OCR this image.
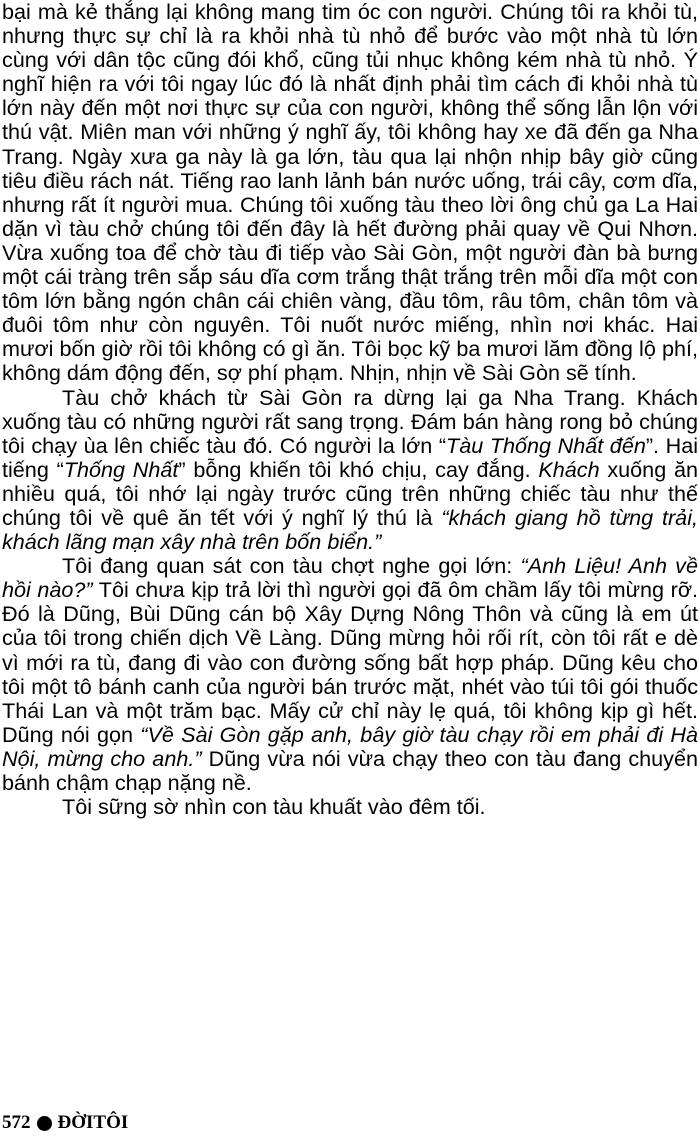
bại mà kẻ thắng lại không mang tim óc con người. Chúng tôi ra khỏi tù, nhưng thực sự chỉ là ra khỏi nhà tù nhỏ để bước vào một nhà tù lớn cùng với dân tộc cũng đói khổ, cũng tủi nhục không kém nhà tù nhỏ. Ý nghĩ hiện ra với tôi ngay lúc đó là nhất định phải tìm cách đi khỏi nhà tù lớn này đến một nơi thực sự của con người, không thể sống lẫn lộn với thú vật. Miên man với những ý nghĩ ấy, tôi không hay xe đã đến ga Nha Trang. Ngày xưa ga này là ga lớn, tàu qua lại nhộn nhịp bây giờ cũng tiêu điều rách nát. Tiếng rao lanh lảnh bán nước uống, trái cây, cơm dĩa, nhưng rất ít người mua. Chúng tôi xuống tàu theo lời ông chủ ga La Hai dặn vì tàu chở chúng tôi đến đây là hết đường phải quay về Qui Nhơn. Vừa xuống toa để chờ tàu đi tiếp vào Sài Gòn, một người đàn bà bưng một cái tràng trên sắp sáu dĩa cơm trắng thật trắng trên mỗi dĩa một con tôm lớn bằng ngón chân cái chiên vàng, đầu tôm, râu tôm, chân tôm và đuôi tôm như còn nguyên. Tôi nuốt nước miếng, nhìn nơi khác. Hai mươi bốn giờ rồi tôi không có gì ăn. Tôi bọc kỹ ba mươi lăm đồng lộ phí, không dám động đến, sợ phí phạm. Nhịn, nhịn về Sài Gòn sẽ tính.

Tàu chở khách từ Sài Gòn ra dừng lại ga Nha Trang. Khách xuống tàu có những người rất sang trọng. Đám bán hàng rong bỏ chúng tôi chạy ùa lên chiếc tàu đó. Có người la lớn “Tàu Thống Nhất đến”. Hai tiếng “Thống Nhất” bỗng khiến tôi khó chịu, cay đắng. Khách xuống ăn nhiều quá, tôi nhớ lại ngày trước cũng trên những chiếc tàu như thế chúng tôi về quê ăn tết với ý nghĩ lý thú là “khách giang hồ từng trải, khách lãng mạn xây nhà trên bốn biển.”

Tôi đang quan sát con tàu chợt nghe gọi lớn: “Anh Liệu! Anh về hồi nào?” Tôi chưa kịp trả lời thì người gọi đã ôm chầm lấy tôi mừng rỡ. Đó là Dũng, Bùi Dũng cán bộ Xây Dựng Nông Thôn và cũng là em út của tôi trong chiến dịch Về Làng. Dũng mừng hỏi rối rít, còn tôi rất e dè vì mới ra tù, đang đi vào con đường sống bất hợp pháp. Dũng kêu cho tôi một tô bánh canh của người bán trước mặt, nhét vào túi tôi gói thuốc Thái Lan và một trăm bạc. Mấy cử chỉ này lẹ quá, tôi không kịp gì hết. Dũng nói gọn “Về Sài Gòn gặp anh, bây giờ tàu chạy rồi em phải đi Hà Nội, mừng cho anh.” Dũng vừa nói vừa chạy theo con tàu đang chuyển bánh chậm chạp nặng nề.

Tôi sững sờ nhìn con tàu khuất vào đêm tối.

572 ĐỜITÔI
